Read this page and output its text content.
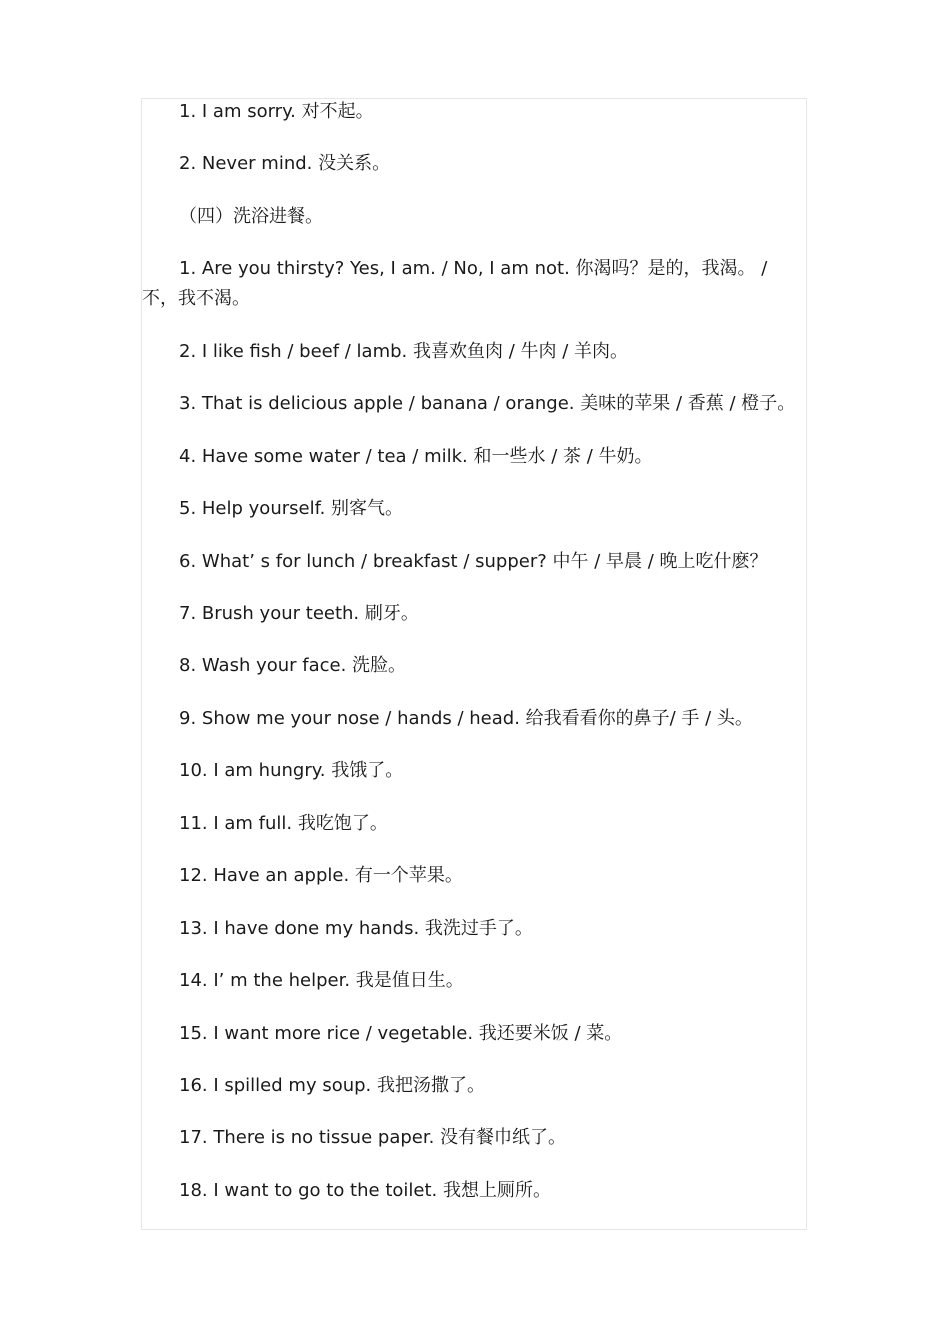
1. I am sorry. 对不起。

2. Never mind. 没关系。

（四）洗浴进餐。

1. Are you thirsty? Yes, I am. / No, I am not. 你渴吗？是的，我渴。 / 不，我不渴。

2. I like fish / beef / lamb. 我喜欢鱼肉 / 牛肉 / 羊肉。

3. That is delicious apple / banana / orange. 美味的苹果 / 香蕉 / 橙子。

4. Have some water / tea / milk. 和一些水 / 茶 / 牛奶。

5. Help yourself. 别客气。

6. What’ s for lunch / breakfast / supper? 中午 / 早晨 / 晚上吃什麽？

7. Brush your teeth. 刷牙。

8. Wash your face. 洗脸。

9. Show me your nose / hands / head. 给我看看你的鼻子/ 手 / 头。

10. I am hungry. 我饿了。

11. I am full. 我吃饱了。

12. Have an apple. 有一个苹果。

13. I have done my hands. 我洗过手了。

14. I’ m the helper. 我是值日生。

15. I want more rice / vegetable. 我还要米饭 / 菜。

16. I spilled my soup. 我把汤撒了。

17. There is no tissue paper. 没有餐巾纸了。

18. I want to go to the toilet. 我想上厕所。
